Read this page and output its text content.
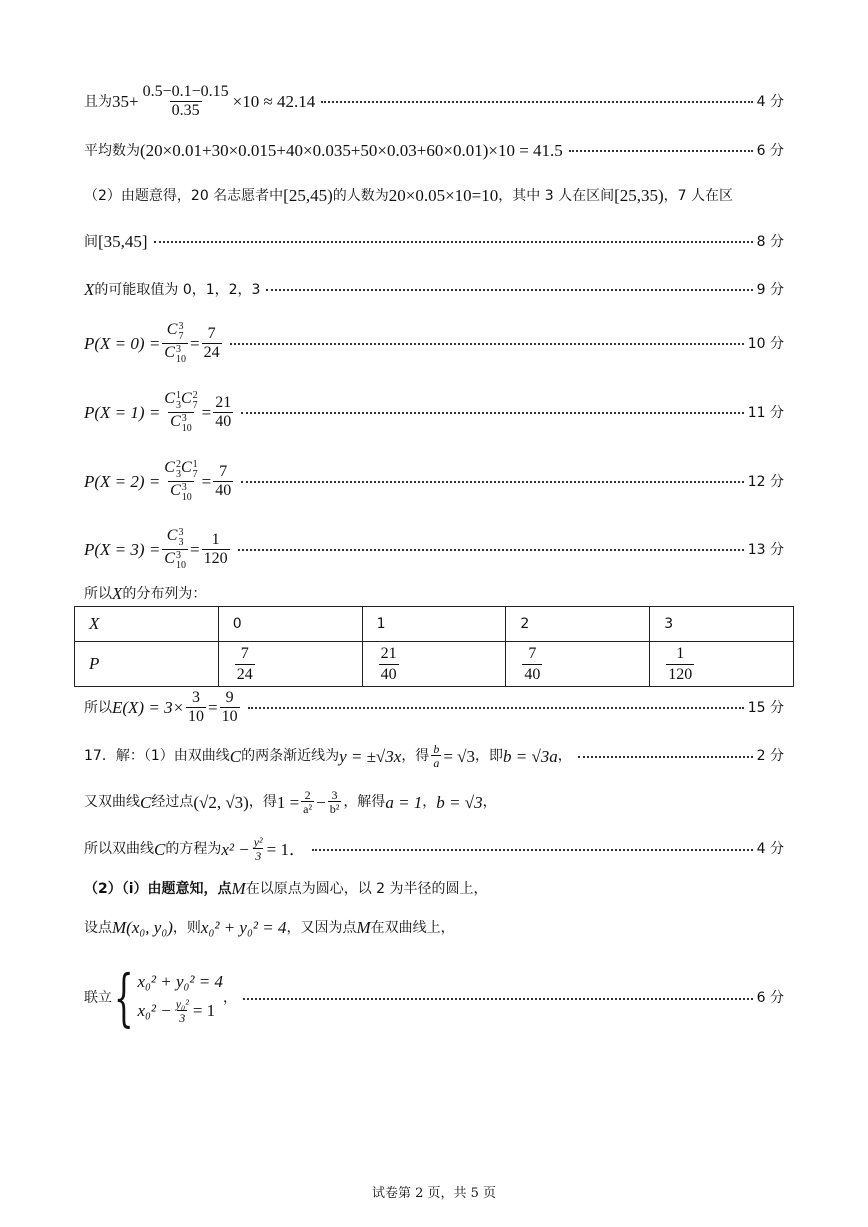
且为 $35+ \frac{0.5-0.1-0.15}{0.35} \times 10 \approx 42.14$	4 分
平均数为 (20×0.01+30×0.015+40×0.035+50×0.03+60×0.01)×10 = 41.5	6 分
（2）由题意得，20 名志愿者中 [25,45) 的人数为 20×0.05×10=10 ，其中 3 人在区间 [25,35) ，7 人在区
间 [35,45]	8 分
X 的可能取值为 0，1，2，3	9 分
P(X = 0) = C 3
7
C 3
$10 = \frac{7}{24}$	10 分
P(X = 1) = C 1
3 C 2
7
C 3
$10 = \frac{21}{40}$	11 分
P(X = 2) = C 2
3 C 1
7
C 3
$10 = \frac{7}{40}$	12 分
P(X = 3) = C 3
3
C 3
$10 = \frac{1}{120}$	13 分
所以 X 的分布列为：
X	0	1	2	3
P	$\frac{7}{24}$	$\frac{21}{40}$	$\frac{7}{40}$	$\frac{1}{120}$
所以 $E(X) = 3\times \frac{3}{10} = \frac{9}{10}$	15 分
17．解：（1）由双曲线 C 的两条渐近线为 y = ±√3x ，得 $\frac{b}{a} = √3$ ，即 b = √3a ，	2 分
又双曲线 C 经过点 (√2, √3) ，得 $1 = \frac{2}{\text{a²}} - \frac{3}{\text{b²}}$ ，解得 a = 1 ， b = √3 ，
所以双曲线 C 的方程为 $x^2 - \frac{\text{y²}}{3} = 1$．	4 分
（2）（i）由题意知，点 M 在以原点为圆心，以 2 为半径的圆上，
设点 M(x₀, y₀) ，则 x₀² + y₀² = 4 ，又因为点 M 在双曲线上，
联立 { x₀² + y₀² = 4
$x_0^2 - \frac{\text{y₀²}}{3} = 1$
，	6 分
试卷第 2 页，共 5 页
